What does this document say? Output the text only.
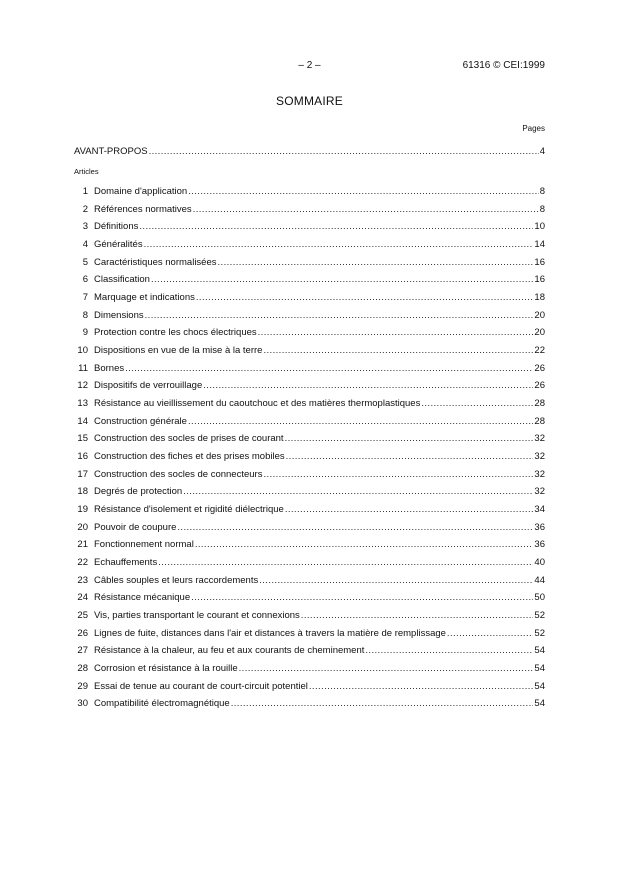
– 2 –	61316 © CEI:1999
SOMMAIRE
Pages
AVANT-PROPOS .....	4
Articles
1 Domaine d'application .....	8
2 Références normatives .....	8
3 Définitions .....	10
4 Généralités .....	14
5 Caractéristiques normalisées .....	16
6 Classification .....	16
7 Marquage et indications .....	18
8 Dimensions .....	20
9 Protection contre les chocs électriques .....	20
10 Dispositions en vue de la mise à la terre .....	22
11 Bornes .....	26
12 Dispositifs de verrouillage .....	26
13 Résistance au vieillissement du caoutchouc et des matières thermoplastiques .....	28
14 Construction générale .....	28
15 Construction des socles de prises de courant .....	32
16 Construction des fiches et des prises mobiles .....	32
17 Construction des socles de connecteurs .....	32
18 Degrés de protection .....	32
19 Résistance d'isolement et rigidité diélectrique .....	34
20 Pouvoir de coupure .....	36
21 Fonctionnement normal .....	36
22 Echauffements .....	40
23 Câbles souples et leurs raccordements .....	44
24 Résistance mécanique .....	50
25 Vis, parties transportant le courant et connexions .....	52
26 Lignes de fuite, distances dans l'air et distances à travers la matière de remplissage .....	52
27 Résistance à la chaleur, au feu et aux courants de cheminement .....	54
28 Corrosion et résistance à la rouille .....	54
29 Essai de tenue au courant de court-circuit potentiel .....	54
30 Compatibilité électromagnétique .....	54
